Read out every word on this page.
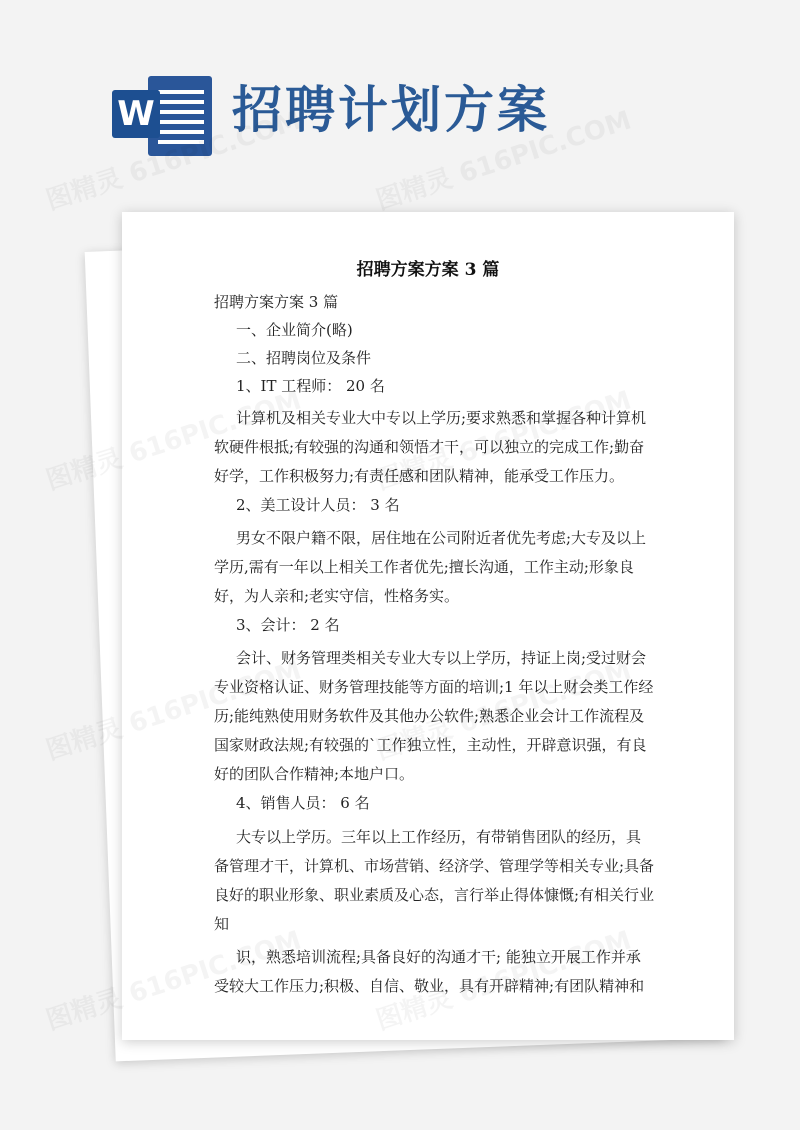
W 招聘计划方案
招聘方案方案 3 篇
招聘方案方案 3 篇
一、企业简介(略)
二、招聘岗位及条件
1、IT 工程师： 20 名
计算机及相关专业大中专以上学历;要求熟悉和掌握各种计算机
软硬件根抵;有较强的沟通和领悟才干，可以独立的完成工作;勤奋
好学，工作积极努力;有责任感和团队精神，能承受工作压力。
2、美工设计人员： 3 名
男女不限户籍不限，居住地在公司附近者优先考虑;大专及以上
学历,需有一年以上相关工作者优先;擅长沟通，工作主动;形象良
好，为人亲和;老实守信，性格务实。
3、会计： 2 名
会计、财务管理类相关专业大专以上学历，持证上岗;受过财会
专业资格认证、财务管理技能等方面的培训;1 年以上财会类工作经
历;能纯熟使用财务软件及其他办公软件;熟悉企业会计工作流程及
国家财政法规;有较强的`工作独立性，主动性，开辟意识强，有良
好的团队合作精神;本地户口。
4、销售人员： 6 名
大专以上学历。三年以上工作经历，有带销售团队的经历，具
备管理才干，计算机、市场营销、经济学、管理学等相关专业;具备
良好的职业形象、职业素质及心态，言行举止得体慷慨;有相关行业
知
识，熟悉培训流程;具备良好的沟通才干; 能独立开展工作并承
受较大工作压力;积极、自信、敬业，具有开辟精神;有团队精神和
